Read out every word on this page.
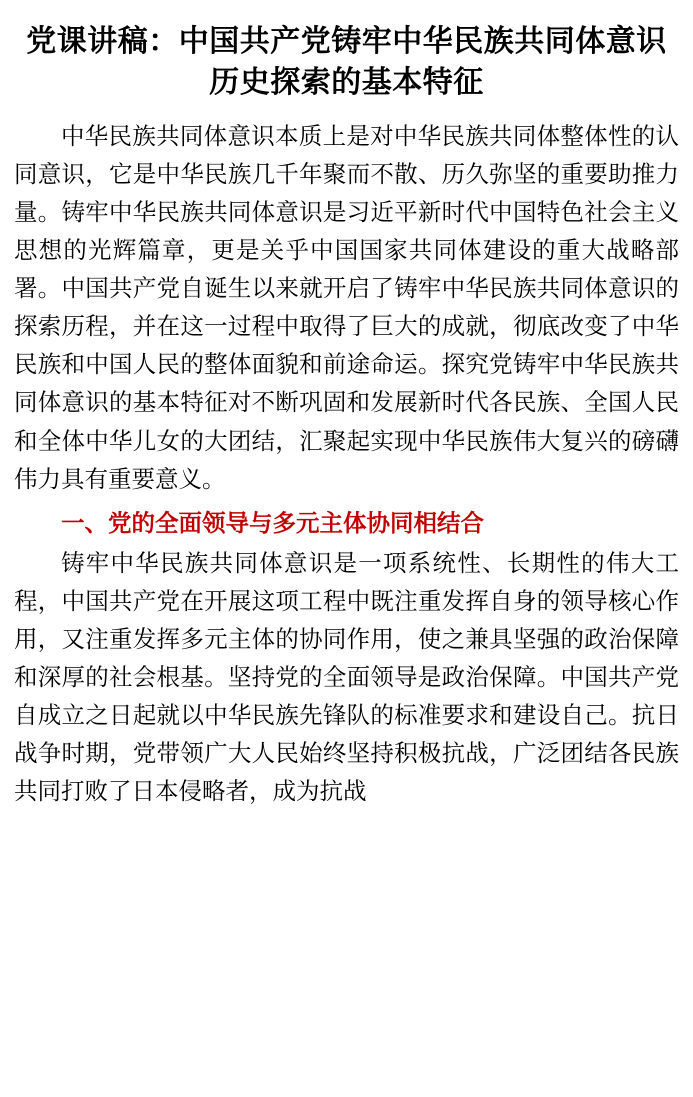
党课讲稿：中国共产党铸牢中华民族共同体意识历史探索的基本特征

中华民族共同体意识本质上是对中华民族共同体整体性的认同意识，它是中华民族几千年聚而不散、历久弥坚的重要助推力量。铸牢中华民族共同体意识是习近平新时代中国特色社会主义思想的光辉篇章，更是关乎中国国家共同体建设的重大战略部署。中国共产党自诞生以来就开启了铸牢中华民族共同体意识的探索历程，并在这一过程中取得了巨大的成就，彻底改变了中华民族和中国人民的整体面貌和前途命运。探究党铸牢中华民族共同体意识的基本特征对不断巩固和发展新时代各民族、全国人民和全体中华儿女的大团结，汇聚起实现中华民族伟大复兴的磅礴伟力具有重要意义。

一、党的全面领导与多元主体协同相结合

铸牢中华民族共同体意识是一项系统性、长期性的伟大工程，中国共产党在开展这项工程中既注重发挥自身的领导核心作用，又注重发挥多元主体的协同作用，使之兼具坚强的政治保障和深厚的社会根基。坚持党的全面领导是政治保障。中国共产党自成立之日起就以中华民族先锋队的标准要求和建设自己。抗日战争时期，党带领广大人民始终坚持积极抗战，广泛团结各民族共同打败了日本侵略者，成为抗战
